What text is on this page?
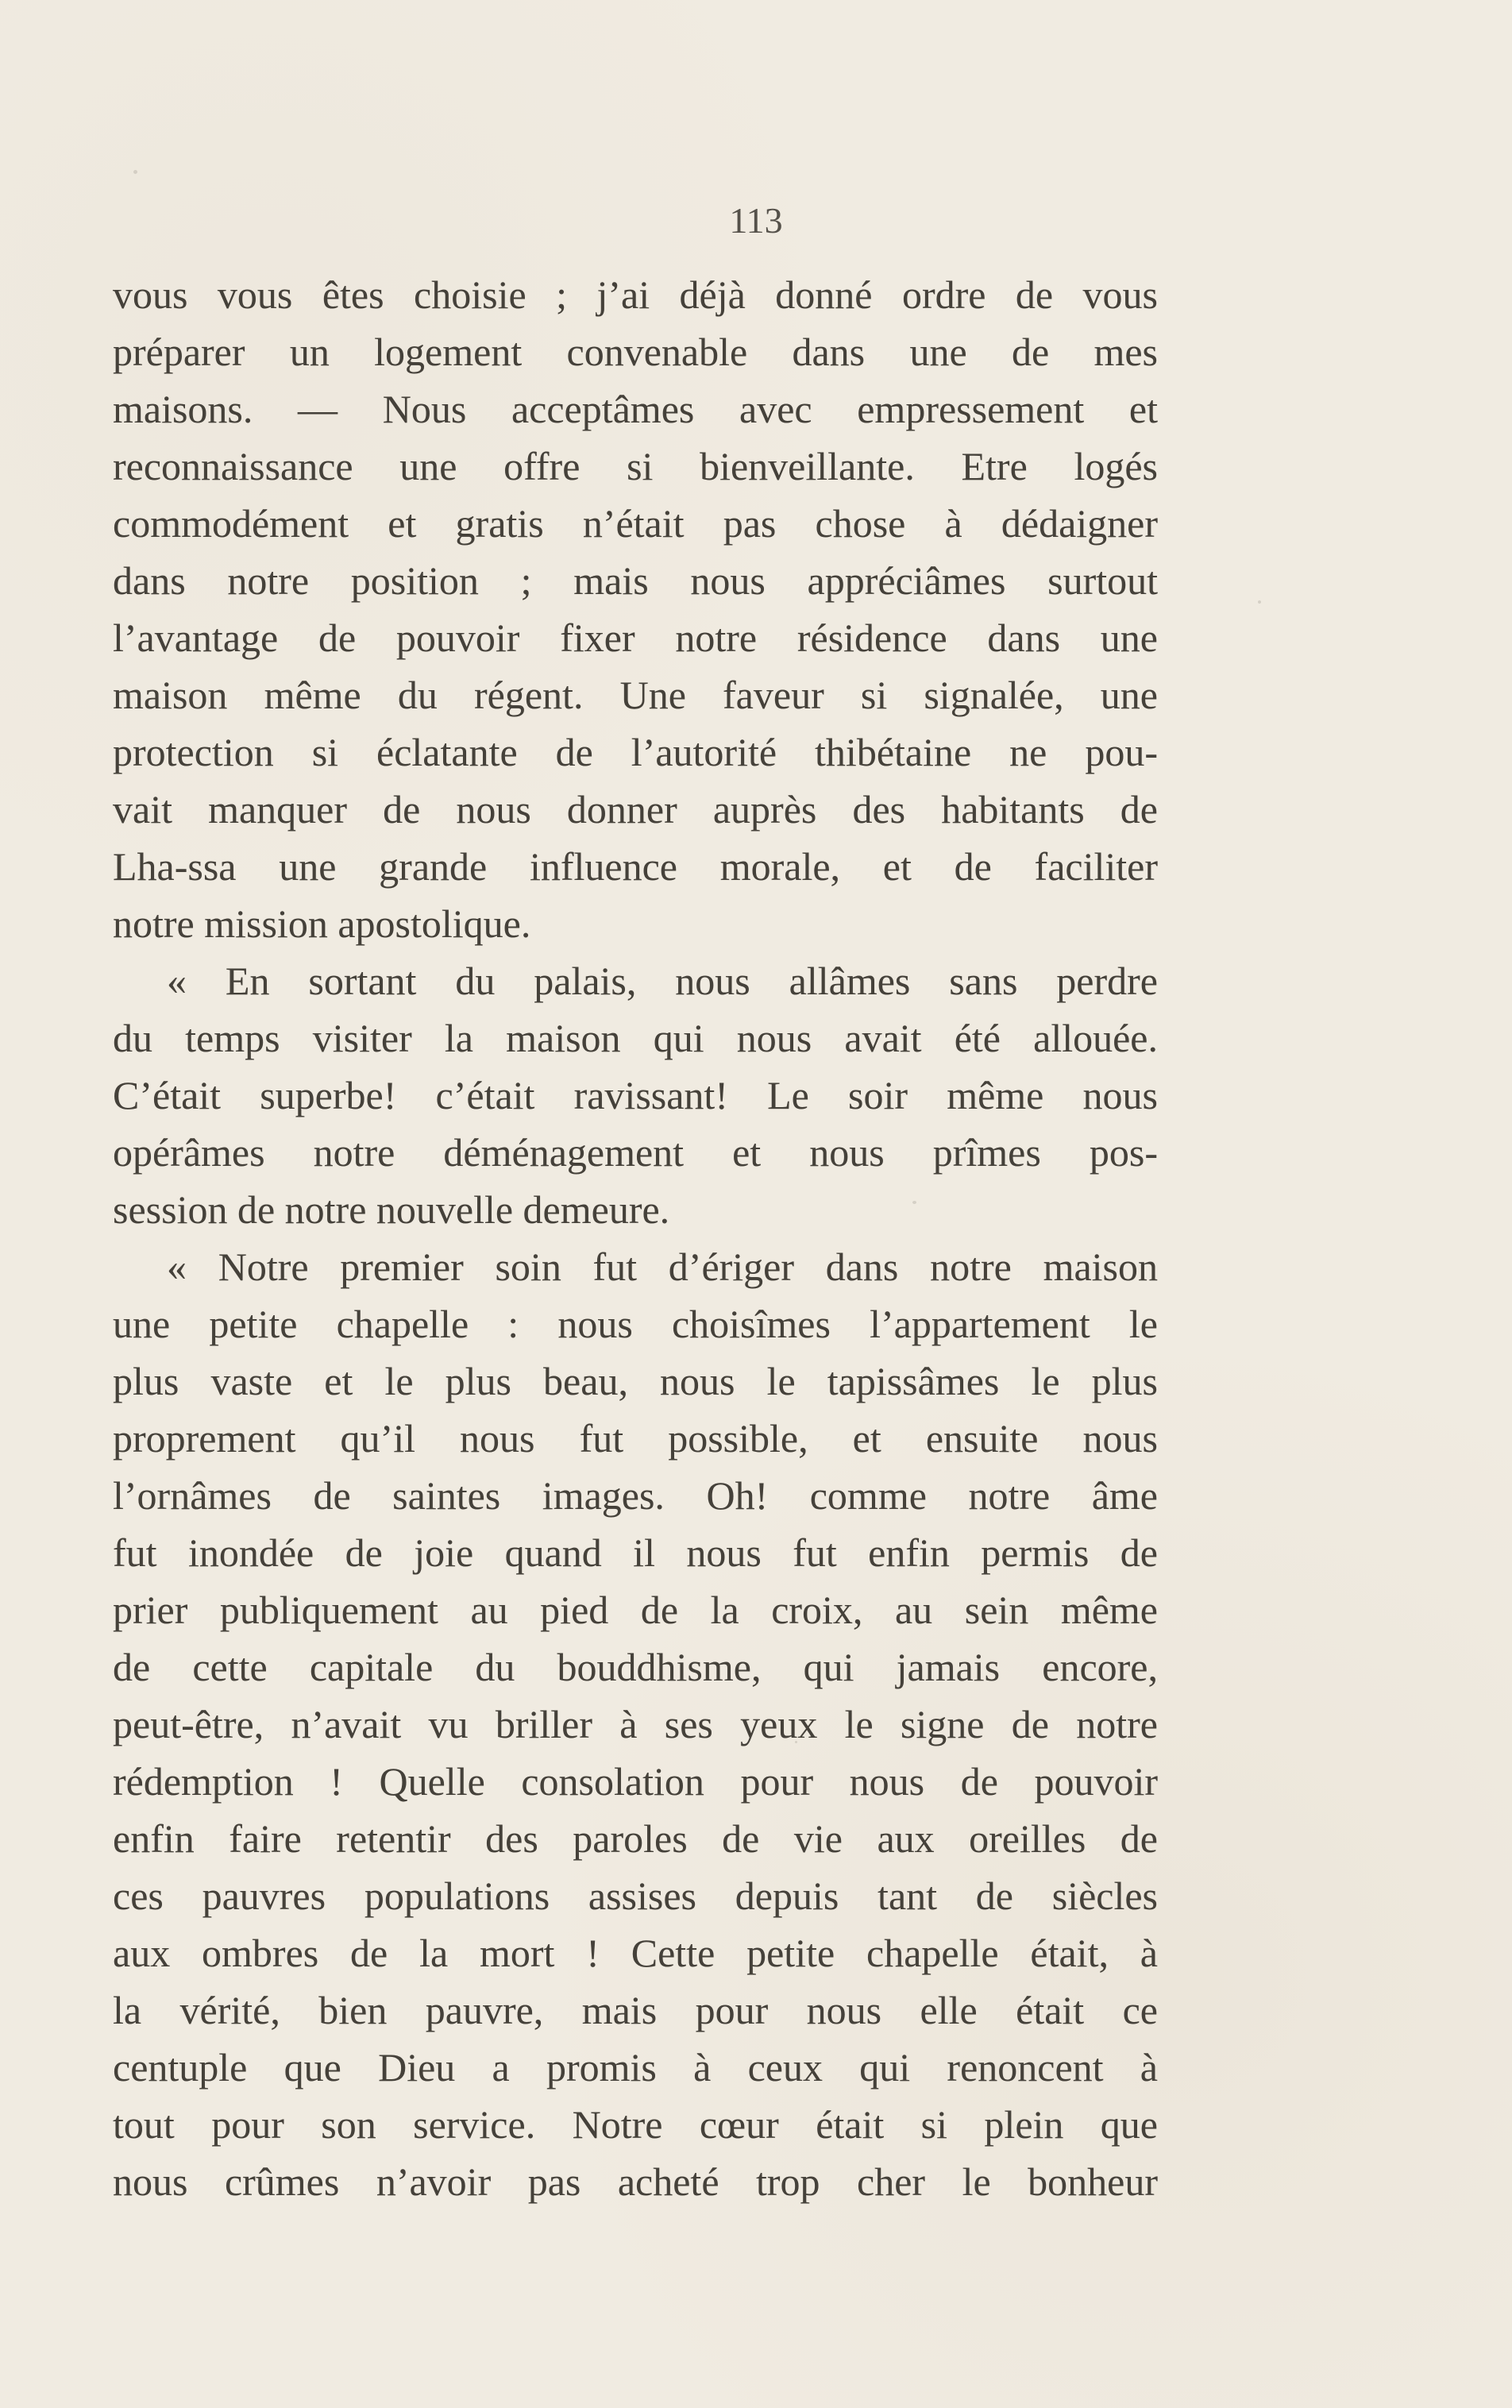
113
vous vous êtes choisie ; j’ai déjà donné ordre de vous
préparer un logement convenable dans une de mes
maisons. — Nous acceptâmes avec empressement et
reconnaissance une offre si bienveillante. Etre logés
commodément et gratis n’était pas chose à dédaigner
dans notre position ; mais nous appréciâmes surtout
l’avantage de pouvoir fixer notre résidence dans une
maison même du régent. Une faveur si signalée, une
protection si éclatante de l’autorité thibétaine ne pou-
vait manquer de nous donner auprès des habitants de
Lha-ssa une grande influence morale, et de faciliter
notre mission apostolique.
« En sortant du palais, nous allâmes sans perdre
du temps visiter la maison qui nous avait été allouée.
C’était superbe! c’était ravissant! Le soir même nous
opérâmes notre déménagement et nous prîmes pos-
session de notre nouvelle demeure.
« Notre premier soin fut d’ériger dans notre maison
une petite chapelle : nous choisîmes l’appartement le
plus vaste et le plus beau, nous le tapissâmes le plus
proprement qu’il nous fut possible, et ensuite nous
l’ornâmes de saintes images. Oh! comme notre âme
fut inondée de joie quand il nous fut enfin permis de
prier publiquement au pied de la croix, au sein même
de cette capitale du bouddhisme, qui jamais encore,
peut-être, n’avait vu briller à ses yeux le signe de notre
rédemption ! Quelle consolation pour nous de pouvoir
enfin faire retentir des paroles de vie aux oreilles de
ces pauvres populations assises depuis tant de siècles
aux ombres de la mort ! Cette petite chapelle était, à
la vérité, bien pauvre, mais pour nous elle était ce
centuple que Dieu a promis à ceux qui renoncent à
tout pour son service. Notre cœur était si plein que
nous crûmes n’avoir pas acheté trop cher le bonheur
